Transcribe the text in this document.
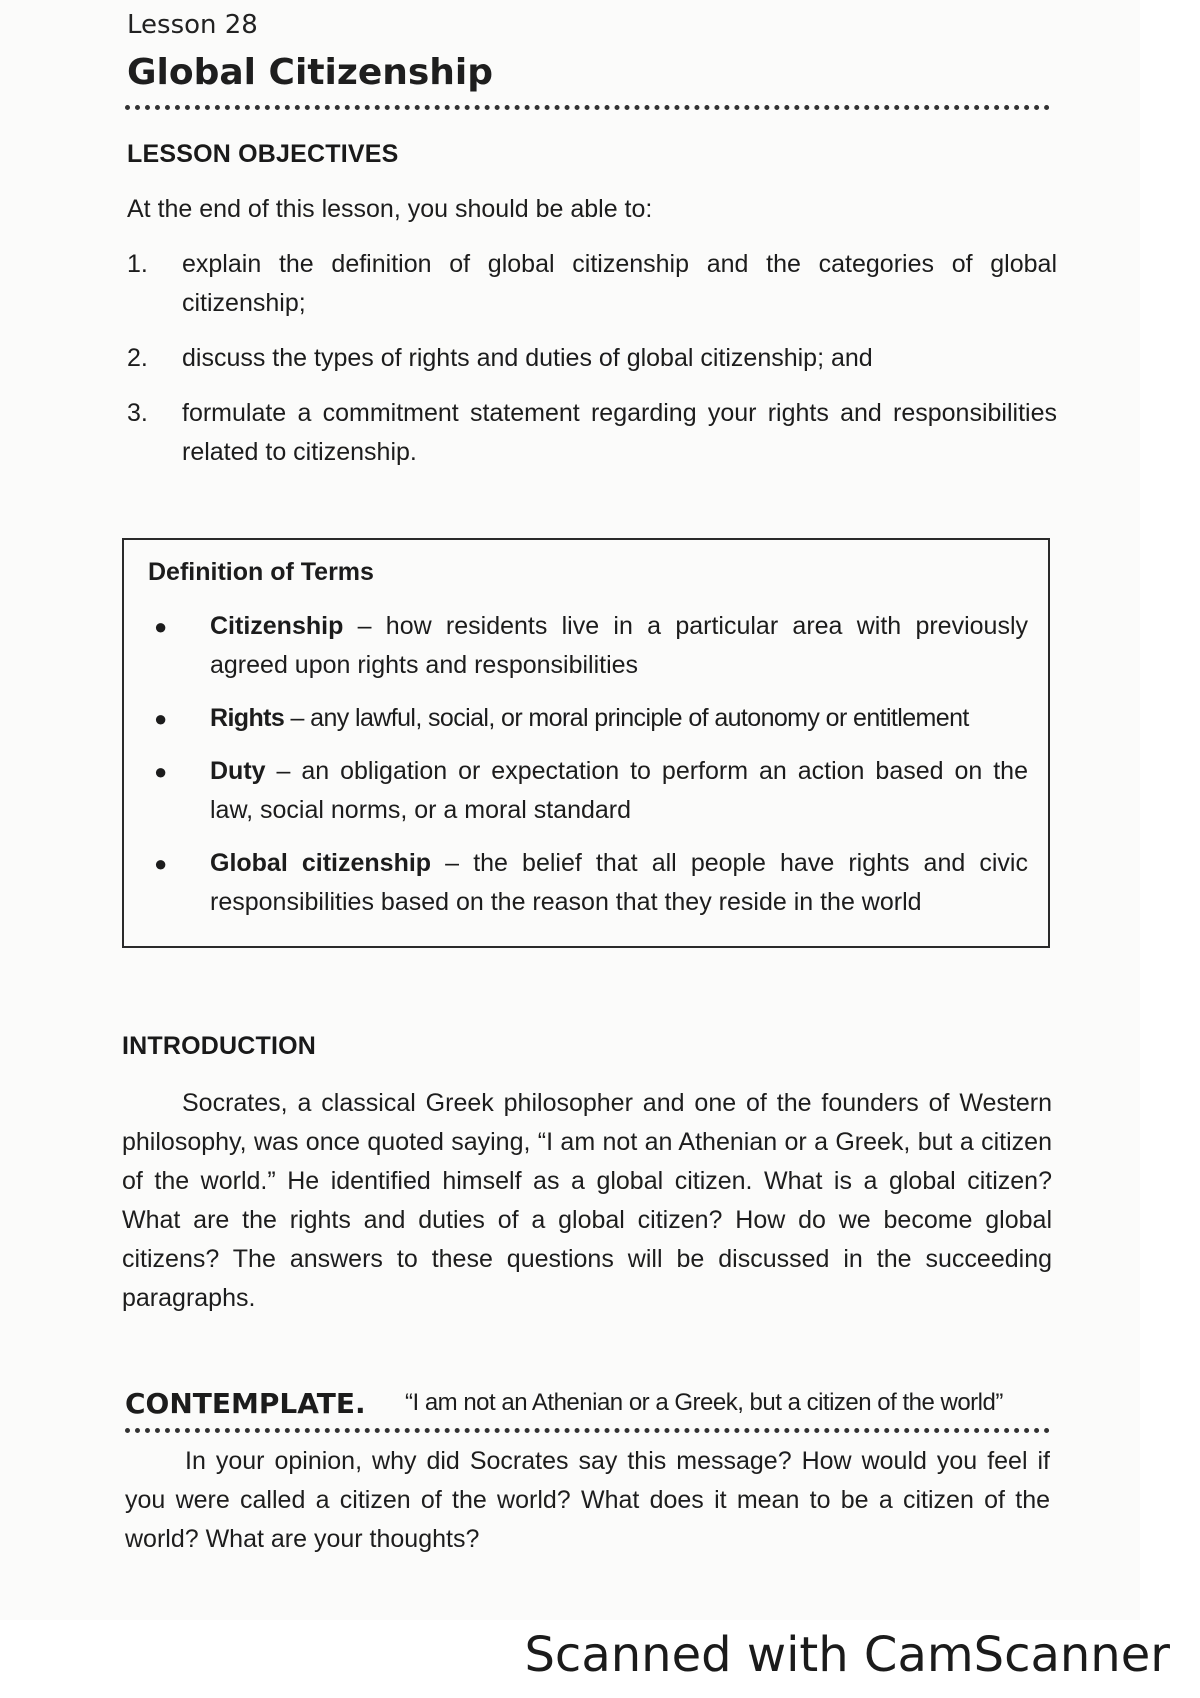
Lesson 28

Global Citizenship
LESSON OBJECTIVES

At the end of this lesson, you should be able to:

1.	explain the definition of global citizenship and the categories of global citizenship;
2.	discuss the types of rights and duties of global citizenship; and
3.	formulate a commitment statement regarding your rights and responsibilities related to citizenship.
Definition of Terms
●	Citizenship – how residents live in a particular area with previously agreed upon rights and responsibilities
●	Rights – any lawful, social, or moral principle of autonomy or entitlement
●	Duty – an obligation or expectation to perform an action based on the law, social norms, or a moral standard
●	Global citizenship – the belief that all people have rights and civic responsibilities based on the reason that they reside in the world
INTRODUCTION

Socrates, a classical Greek philosopher and one of the founders of Western philosophy, was once quoted saying, “I am not an Athenian or a Greek, but a citizen of the world.” He identified himself as a global citizen. What is a global citizen? What are the rights and duties of a global citizen? How do we become global citizens? The answers to these questions will be discussed in the succeeding paragraphs.

CONTEMPLATE. “I am not an Athenian or a Greek, but a citizen of the world”

In your opinion, why did Socrates say this message? How would you feel if you were called a citizen of the world? What does it mean to be a citizen of the world? What are your thoughts?

Scanned with CamScanner
